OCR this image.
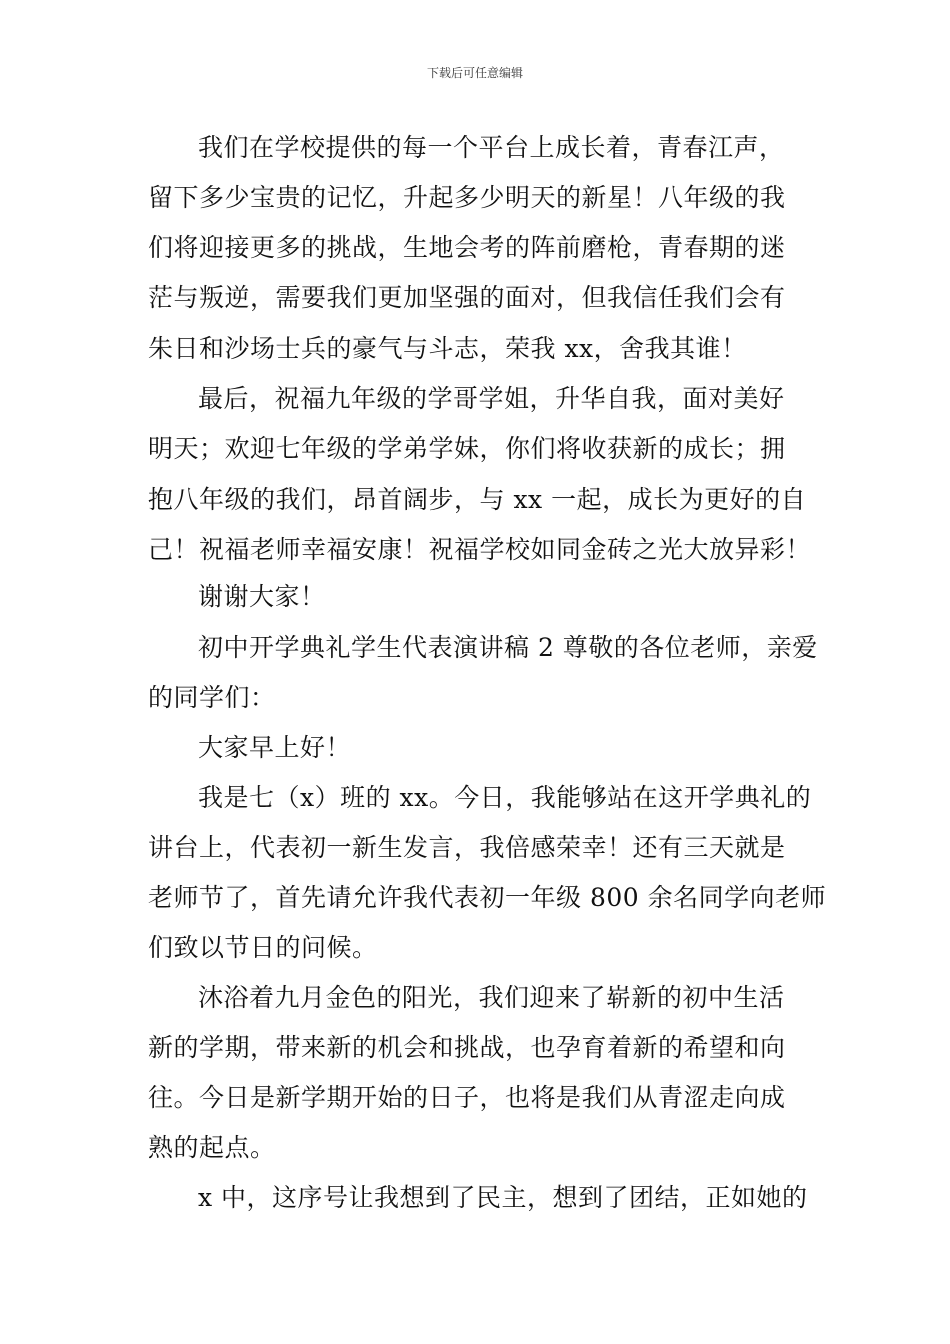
下载后可任意编辑
我们在学校提供的每一个平台上成长着，青春江声，
留下多少宝贵的记忆，升起多少明天的新星！八年级的我
们将迎接更多的挑战，生地会考的阵前磨枪，青春期的迷
茫与叛逆，需要我们更加坚强的面对，但我信任我们会有
朱日和沙场士兵的豪气与斗志，荣我 xx，舍我其谁！
最后，祝福九年级的学哥学姐，升华自我，面对美好
明天；欢迎七年级的学弟学妹，你们将收获新的成长；拥
抱八年级的我们，昂首阔步，与 xx 一起，成长为更好的自
己！祝福老师幸福安康！祝福学校如同金砖之光大放异彩！
谢谢大家！
初中开学典礼学生代表演讲稿 2 尊敬的各位老师，亲爱
的同学们：
大家早上好！
我是七（x）班的 xx。今日，我能够站在这开学典礼的
讲台上，代表初一新生发言，我倍感荣幸！还有三天就是
老师节了，首先请允许我代表初一年级 800 余名同学向老师
们致以节日的问候。
沐浴着九月金色的阳光，我们迎来了崭新的初中生活
新的学期，带来新的机会和挑战，也孕育着新的希望和向
往。今日是新学期开始的日子，也将是我们从青涩走向成
熟的起点。
x 中，这序号让我想到了民主，想到了团结，正如她的
